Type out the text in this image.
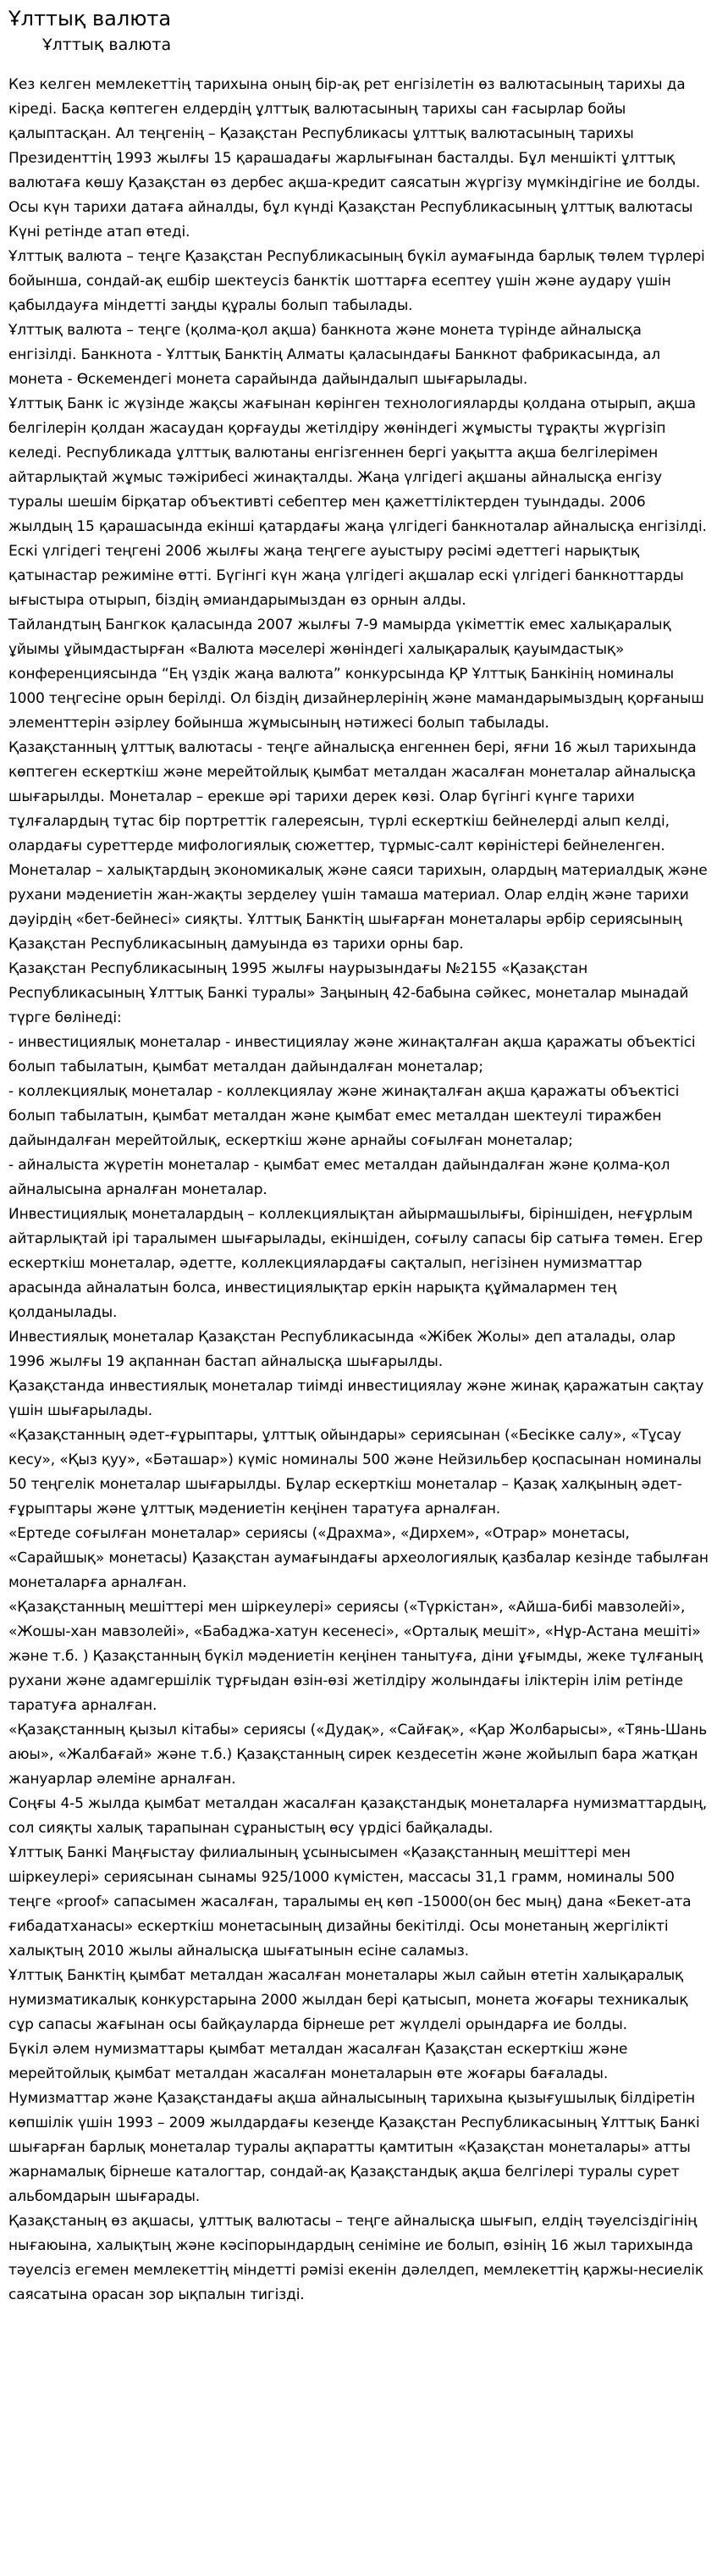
Ұлттық валюта
Ұлттық валюта

Кез келген мемлекеттің тарихына оның бір-ақ рет енгізілетін өз валютасының тарихы да кіреді. Басқа көптеген елдердің ұлттық валютасының тарихы сан ғасырлар бойы қалыптасқан. Ал теңгенің – Қазақстан Республикасы ұлттық валютасының тарихы Президенттің 1993 жылғы 15 қарашадағы жарлығынан басталды. Бұл меншікті ұлттық валютаға көшу Қазақстан өз дербес ақша-кредит саясатын жүргізу мүмкіндігіне ие болды. Осы күн тарихи датаға айналды, бұл күнді Қазақстан Республикасының ұлттық валютасы Күні ретінде атап өтеді.

Ұлттық валюта – теңге Қазақстан Республикасының бүкіл аумағында барлық төлем түрлері бойынша, сондай-ақ ешбір шектеусіз банктік шоттарға есептеу үшін және аудару үшін қабылдауға міндетті заңды құралы болып табылады.

Ұлттық валюта – теңге (қолма-қол ақша) банкнота және монета түрінде айналысқа енгізілді. Банкнота - Ұлттық Банктің Алматы қаласындағы Банкнот фабрикасында, ал монета - Өскеменде​гі монета сарайында дайындалып шығарылады.

Ұлттық Банк іс жүзінде жақсы жағынан көрінген технологияларды қолдана отырып, ақша белгілерін қолдан жасаудан қорғауды жетілдіру жөніндегі жұмысты тұрақты жүргізіп келеді. Республикада ұлттық валютаны енгізгеннен бергі уақытта ақша белгілерімен айтарлықтай жұмыс тәжірибесі жинақталды. Жаңа үлгідегі ақшаны айналысқа енгізу туралы шешім бірқатар объективті себептер мен қажеттіліктерден туындады. 2006 жылдың 15 қарашасында екінші қатардағы жаңа үлгідегі банкноталар айналысқа енгізілді.

Ескі үлгідегі теңгені 2006 жылғы жаңа теңгеге ауыстыру рәсімі әдеттегі нарықтық қатынастар режиміне өтті. Бүгінгі күн жаңа үлгідегі ақшалар ескі үлгідегі банкноттарды ығыстыра отырып, біздің әмиандарымыздан өз орнын алды.

Тайландтың Бангкок қаласында 2007 жылғы 7-9 мамырда үкіметтік емес халықаралық ұйымы ұйымдастырған «Валюта мәселері жөніндегі халықаралық қауымдастық» конференциясында “Ең үздік жаңа валюта” конкурсында ҚР Ұлттық Банкінің номиналы 1000 теңгесіне орын берілді. Ол біздің дизайнерлерінің және мамандарымыздың қорғаныш элементтерін әзірлеу бойынша жұмысының нәтижесі болып табылады.

Қазақстанның ұлттық валютасы - теңге айналысқа енгеннен бері, яғни 16 жыл тарихында көптеген ескерткіш және мерейтойлық қымбат металдан жасалған монеталар айналысқа шығарылды. Монеталар – ерекше әрі тарихи дерек көзі. Олар бүгінгі күнге тарихи тұлғалардың тұтас бір портреттік галереясын, түрлі ескерткіш бейнелерді алып келді, олардағы суреттерде мифологиялық сюжеттер, тұрмыс-салт көріністері бейнеленген. Монеталар – халықтардың экономикалық және саяси тарихын, олардың материалдық және рухани мәдениетін жан-жақты зерделеу үшін тамаша материал. Олар елдің және тарихи дәуірдің «бет-бейнесі» сияқты. Ұлттық Банктің шығарған монеталары әрбір сериясының Қазақстан Республикасының дамуында өз тарихи орны бар.

Қазақстан Республикасының 1995 жылғы наурызындағы №2155 «Қазақстан Республикасының Ұлттық Банкі туралы» Заңының 42-бабына сәйкес, монеталар мынадай түрге бөлінеді:

- инвестициялық монеталар - инвестициялау және жинақталған ақша қаражаты объектісі болып табылатын, қымбат металдан дайындалған монеталар;

- коллекциялық монеталар - коллекциялау және жинақталған ақша қаражаты объектісі болып табылатын, қымбат металдан және қымбат емес металдан шектеулі тиражбен дайындалған мерейтойлық, ескерткіш және арнайы соғылған монеталар;

- айналыста жүретін монеталар - қымбат емес металдан дайындалған және қолма-қол айналысына арналған монеталар.

Инвестициялық монеталардың – коллекциялықтан айырмашылығы, біріншіден, неғұрлым айтарлықтай ірі таралымен шығарылады, екіншіден, соғылу сапасы бір сатыға төмен. Егер ескерткіш монеталар, әдетте, коллекциялардағы сақталып, негізінен нумизматтар арасында айналатын болса, инвестициялықтар еркін нарықта құймалармен тең қолданылады.

Инвестиялық монеталар Қазақстан Республикасында «Жібек Жолы» деп аталады, олар 1996 жылғы 19 ақпаннан бастап айналысқа шығарылды.

Қазақстанда инвестиялық монеталар тиімді инвестициялау және жинақ қаражатын сақтау үшін шығарылады.

«Қазақстанның әдет-ғұрыптары, ұлттық ойындары» сериясынан («Бесікке салу», «Тұсау кесу», «Қыз қуу», «Бәташар») күміс номиналы 500 және Нейзильбер қоспасынан номиналы 50 теңгелік монеталар шығарылды. Бұлар ескерткіш монеталар – Қазақ халқының әдет-ғұрыптары және ұлттық мәдениетін кеңінен таратуға арналған.

«Ертеде соғылған монеталар» сериясы («Драхма», «Дирхем», «Отрар» монетасы, «Сарайшық» монетасы) Қазақстан аумағындағы археологиялық қазбалар кезінде табылған монеталарға арналған.

«Қазақстанның мешіттері мен шіркеулері» сериясы («Түркістан», «Айша-бибі мавзолейі», «Жошы-хан мавзолейі», «Бабаджа-хатун кесенесі», «Орталық мешіт», «Нұр-Астана мешіті» және т.б. ) Қазақстанның бүкіл мәдениетін кеңінен танытуға, діни ұғымды, жеке тұлғаның рухани және адамгершілік тұрғыдан өзін-өзі жетілдіру жолындағы іліктерін ілім ретінде таратуға арналған.

«Қазақстанның қызыл кітабы» сериясы («Дудақ», «Сайғақ», «Қар Жолбарысы», «Тянь-Шань аюы», «Жалбағай» және т.б.) Қазақстанның сирек кездесетін және жойылып бара жатқан жануарлар әлеміне арналған.

Соңғы 4-5 жылда қымбат металдан жасалған қазақстандық монеталарға нумизматтардың, сол сияқты халық тарапынан сұраныстың өсу үрдісі байқалады.

Ұлттық Банкі Маңғыстау филиалының ұсынысымен «Қазақстанның мешіттері мен шіркеулері» сериясынан сынамы 925/1000 күмістен, массасы 31,1 грамм, номиналы 500 теңге «proof» сапасымен жасалған, таралымы ең көп -15000(он бес мың) дана «Бекет-ата ғибадатханасы» ескерткіш монетасының дизайны бекітілді. Осы монетаның жергілікті халықтың 2010 жылы айналысқа шығатынын есіне саламыз.

Ұлттық Банктің қымбат металдан жасалған монеталары жыл сайын өтетін халықаралық нумизматикалық конкурстарына 2000 жылдан бері қатысып, монета жоғары техникалық сұр сапасы жағынан осы байқауларда бірнеше рет жүлделі орындарға ие болды.

Бүкіл әлем нумизматтары қымбат металдан жасалған Қазақстан ескерткіш және мерейтойлық қымбат металдан жасалған монеталарын өте жоғары бағалады.

Нумизматтар және Қазақстандағы ақша айналысының тарихына қызығушылық білдіретін көпшілік үшін 1993 – 2009 жылдардағы кезеңде Қазақстан Республикасының Ұлттық Банкі шығарған барлық монеталар туралы ақпаратты қамтитын «Қазақстан монеталары» атты жарнамалық бірнеше каталогтар, сондай-ақ Қазақстандық ақша белгілері туралы сурет альбомдарын шығарады.

Қазақстаның өз ақшасы, ұлттық валютасы – теңге айналысқа шығып, елдің тәуелсіздігінің нығаюына, халықтың және кәсіпорындардың сеніміне ие болып, өзінің 16 жыл тарихында тәуелсіз егемен мемлекеттің міндетті рәмізі екенін дәлелдеп, мемлекеттің қаржы-несиелік саясатына орасан зор ықпалын тигізді.
